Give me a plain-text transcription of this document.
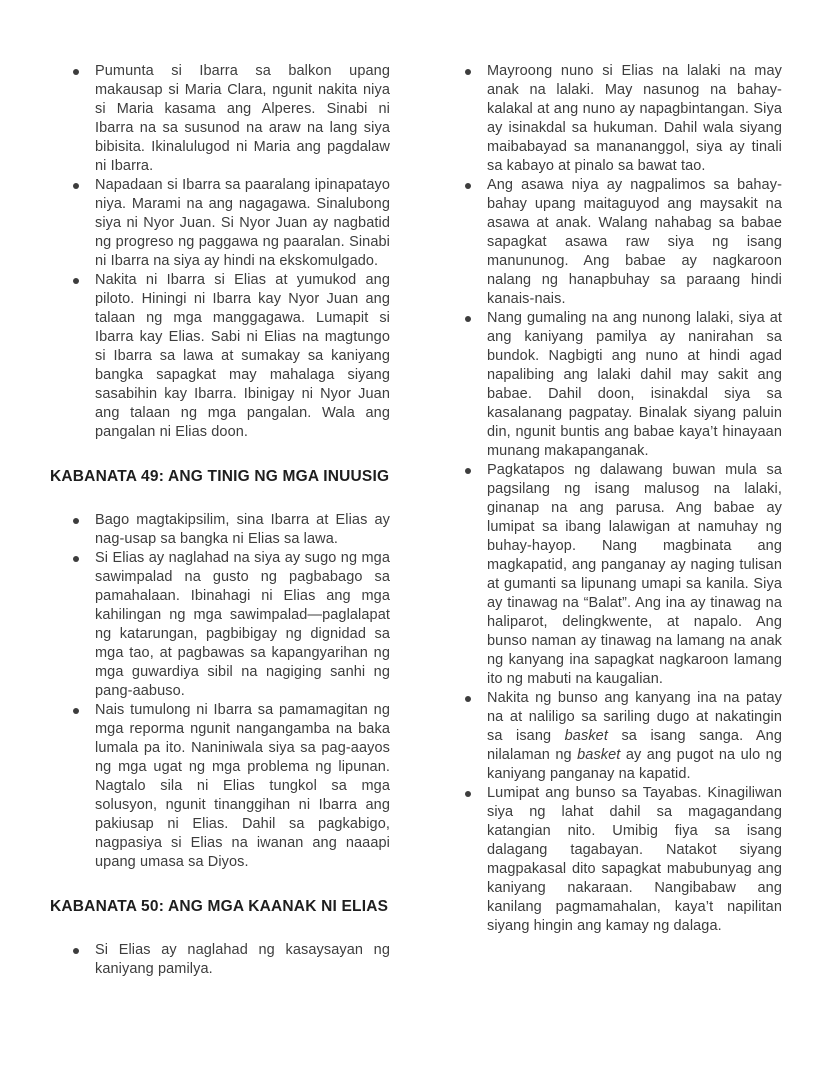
Pumunta si Ibarra sa balkon upang makausap si Maria Clara, ngunit nakita niya si Maria kasama ang Alperes. Sinabi ni Ibarra na sa susunod na araw na lang siya bibisita. Ikinalulugod ni Maria ang pagdalaw ni Ibarra.
Napadaan si Ibarra sa paaralang ipinapatayo niya. Marami na ang nagagawa. Sinalubong siya ni Nyor Juan. Si Nyor Juan ay nagbatid ng progreso ng paggawa ng paaralan. Sinabi ni Ibarra na siya ay hindi na ekskomulgado.
Nakita ni Ibarra si Elias at yumukod ang piloto. Hiningi ni Ibarra kay Nyor Juan ang talaan ng mga manggagawa. Lumapit si Ibarra kay Elias. Sabi ni Elias na magtungo si Ibarra sa lawa at sumakay sa kaniyang bangka sapagkat may mahalaga siyang sasabihin kay Ibarra. Ibinigay ni Nyor Juan ang talaan ng mga pangalan. Wala ang pangalan ni Elias doon.
KABANATA 49: ANG TINIG NG MGA INUUSIG
Bago magtakipsilim, sina Ibarra at Elias ay nag-usap sa bangka ni Elias sa lawa.
Si Elias ay naglahad na siya ay sugo ng mga sawimpalad na gusto ng pagbabago sa pamahalaan. Ibinahagi ni Elias ang mga kahilingan ng mga sawimpalad—paglalapat ng katarungan, pagbibigay ng dignidad sa mga tao, at pagbawas sa kapangyarihan ng mga guwardiya sibil na nagiging sanhi ng pang-aabuso.
Nais tumulong ni Ibarra sa pamamagitan ng mga reporma ngunit nangangamba na baka lumala pa ito. Naniniwala siya sa pag-aayos ng mga ugat ng mga problema ng lipunan. Nagtalo sila ni Elias tungkol sa mga solusyon, ngunit tinanggihan ni Ibarra ang pakiusap ni Elias. Dahil sa pagkabigo, nagpasiya si Elias na iwanan ang naaapi upang umasa sa Diyos.
KABANATA 50: ANG MGA KAANAK NI ELIAS
Si Elias ay naglahad ng kasaysayan ng kaniyang pamilya.
Mayroong nuno si Elias na lalaki na may anak na lalaki. May nasunog na bahay-kalakal at ang nuno ay napagbintangan. Siya ay isinakdal sa hukuman. Dahil wala siyang maibabayad sa manananggol, siya ay tinali sa kabayo at pinalo sa bawat tao.
Ang asawa niya ay nagpalimos sa bahay-bahay upang maitaguyod ang maysakit na asawa at anak. Walang nahabag sa babae sapagkat asawa raw siya ng isang manununog. Ang babae ay nagkaroon nalang ng hanapbuhay sa paraang hindi kanais-nais.
Nang gumaling na ang nunong lalaki, siya at ang kaniyang pamilya ay nanirahan sa bundok. Nagbigti ang nuno at hindi agad napalibing ang lalaki dahil may sakit ang babae. Dahil doon, isinakdal siya sa kasalanang pagpatay. Binalak siyang paluin din, ngunit buntis ang babae kaya’t hinayaan munang makapanganak.
Pagkatapos ng dalawang buwan mula sa pagsilang ng isang malusog na lalaki, ginanap na ang parusa. Ang babae ay lumipat sa ibang lalawigan at namuhay ng buhay-hayop. Nang magbinata ang magkapatid, ang panganay ay naging tulisan at gumanti sa lipunang umapi sa kanila. Siya ay tinawag na “Balat”. Ang ina ay tinawag na haliparot, delingkwente, at napalo. Ang bunso naman ay tinawag na lamang na anak ng kanyang ina sapagkat nagkaroon lamang ito ng mabuti na kaugalian.
Nakita ng bunso ang kanyang ina na patay na at naliligo sa sariling dugo at nakatingin sa isang basket sa isang sanga. Ang nilalaman ng basket ay ang pugot na ulo ng kaniyang panganay na kapatid.
Lumipat ang bunso sa Tayabas. Kinagiliwan siya ng lahat dahil sa magagandang katangian nito. Umibig fiya sa isang dalagang tagabayan. Natakot siyang magpakasal dito sapagkat mabubunyag ang kaniyang nakaraan. Nangibabaw ang kanilang pagmamahalan, kaya’t napilitan siyang hingin ang kamay ng dalaga.
